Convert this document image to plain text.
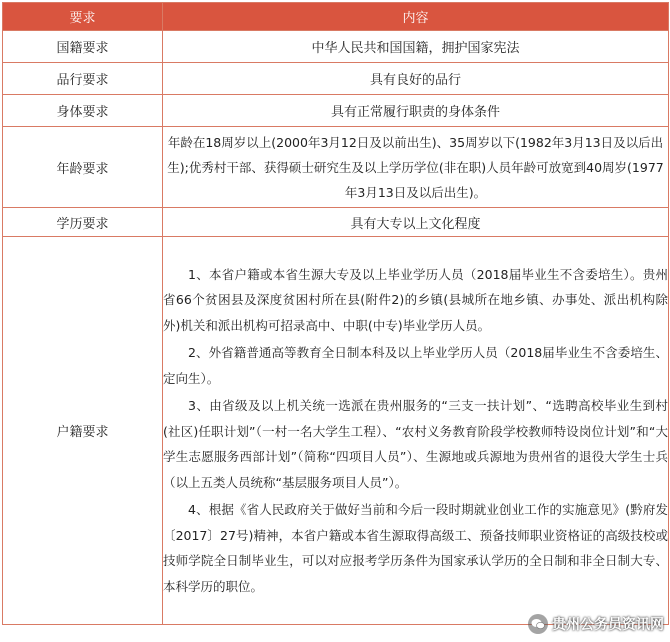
要求	内容
国籍要求	中华人民共和国国籍，拥护国家宪法
品行要求	具有良好的品行
身体要求	具有正常履行职责的身体条件
年龄要求	年龄在18周岁以上(2000年3月12日及以前出生)、35周岁以下(1982年3月13日及以后出生);优秀村干部、获得硕士研究生及以上学历学位(非在职)人员年龄可放宽到40周岁(1977年3月13日及以后出生)。
学历要求	具有大专以上文化程度
户籍要求	1、本省户籍或本省生源大专及以上毕业学历人员（2018届毕业生不含委培生）。贵州省66个贫困县及深度贫困村所在县(附件2)的乡镇(县城所在地乡镇、办事处、派出机构除外)机关和派出机构可招录高中、中职(中专)毕业学历人员。

2、外省籍普通高等教育全日制本科及以上毕业学历人员（2018届毕业生不含委培生、定向生）。

3、由省级及以上机关统一选派在贵州服务的“三支一扶计划”、“选聘高校毕业生到村(社区)任职计划”（一村一名大学生工程）、“农村义务教育阶段学校教师特设岗位计划”和“大学生志愿服务西部计划”（简称“四项目人员”）、生源地或兵源地为贵州省的退役大学生士兵（以上五类人员统称“基层服务项目人员”）。

4、根据《省人民政府关于做好当前和今后一段时期就业创业工作的实施意见》(黔府发〔2017〕27号)精神，本省户籍或本省生源取得高级工、预备技师职业资格证的高级技校或技师学院全日制毕业生，可以对应报考学历条件为国家承认学历的全日制和非全日制大专、本科学历的职位。

贵州公务员资讯网
